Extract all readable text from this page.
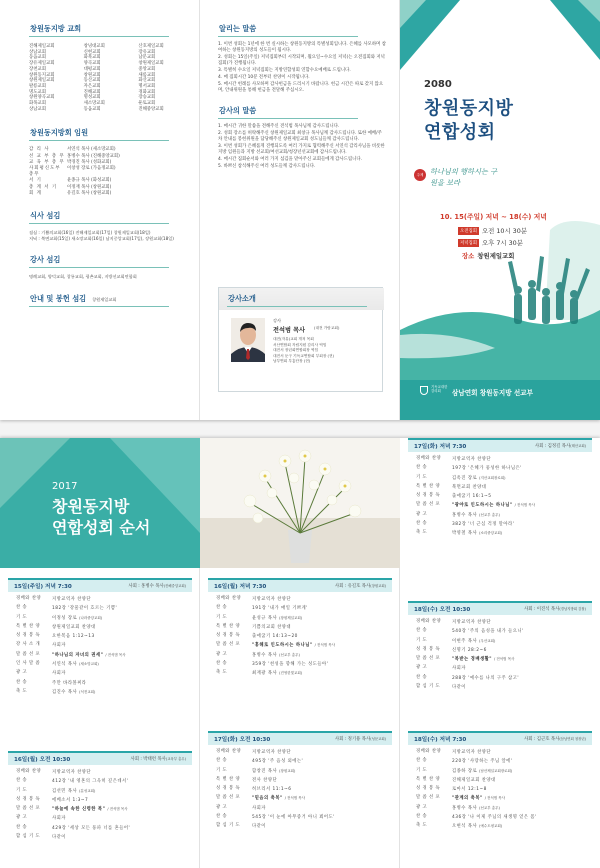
창원동지방 교회
진해제일교회	창녕대교회	산호제일교회
상남교회	신현교회	장유교회
동읍교회	화북교회	남문교회
장유제일교회	양곡교회	창원제일교회
장천교회	대평교회	중앙교회
창원동지교회	창원교회	새롬교회
창원제일교회	동산교회	화산교회
팔룡교회	자은교회	명서교회
명도교회	진해교회	경화교회
창원양곡교회	명성교회	장승교회
화목교회	새소망교회	둔토교회
상남교회	동읍교회	진해중앙교회
창원동지방회 임원
감 리 사	서연석 목사 (새소망교회)
선 교 부 총 무 홍병수 목사 (진해중앙교회)
교 육 부 총 무 박경진 목사 (성화교회)
사회평신도부 총무
이창성 장로 (가음정교회)
서 기	윤종규 목사 (화성교회)
총 계 서 기	이정재 목사 (창원교회)
회 계	유길호 목사 (창원교회)
식사 섬김
점심 : 기쁨의교회(16일) 진해제일교회(17일) 창원제일교회(18일)
저녁 : 북면교회(15일) 새소망교회(16일) 남지중앙교회(17일), 장원교회(18일)
강사 섬김
명례교회, 양덕교회, 창룡교회, 평촌교회, 지방선교회연합회
안내 및 봉헌 섬김 창원제일교회
알리는 말씀
1. 이번 성회는 1년에 한 번 실시하는 창원동지방의 특별성회입니다. 은혜를 사모하며 참여하는 창원동지방의 성도들이 됩시다.
2. 성회는 15일(주일) 저녁집회부터 시작되며, 월요일~수요일 저녁(는 오전집회와 저녁집회)가 진행됩니다.
3. 특별히 수요일 저녁집회는 지방연합성회 연합수요예배로 드립니다.
4. 매 집회시간 10분 전부터 찬양이 시작됩니다.
5. 매시간 헌례를 사모하며 감사헌금을 드리시기 바랍니다. 헌금 시간은 따로 갖지 않으며, 안내위원을 통해 헌금을 전달해 주십시오.
감사의 말씀
1. 매시간 귀한 말씀을 전해주신 전석범 목사님께 감사드립니다.
2. 성회 장소를 허락해주신 창원제일교회 최창규 목사님께 감사드립니다. 또한 예배/주차 안내를 봉헌위원을 담당해주신 창원제일교회 성도님들께 감사드립니다.
3. 이번 성회가 은혜롭게 진행되도록 여러 가지로 협력해주신 서연석 감리사님을 비롯한 지방 임원들과 지방 선교회/여선교회/청장년선교회에 감사드립니다.
4. 매시간 집회순서와 여러 가지 섬김을 맡아주신 교회들에게 감사드립니다.
5. 바쁘신 참석해주신 여러 성도들께 감사드립니다.
강사소개
강사
전석범 목사 (대전 가람교회)
대전(자유)교회 개척 목회
서산연합회 자립지원 감리사 역임
대전서 장년회연합회장 역임
대전서 둔구 기독교연합회 부회장 (현)
남부연회 부흥단장 (현)
2080
창원동지방
연합성회
주제 하나님의 행하시는 구원을 보라
10. 15(주일) 저녁 ~ 18(수) 저녁
오전집회 오전 10시 30분
저녁집회 오후 7시 30분
장소 창원제일교회
기독교대한
감리회	삼남연회 창원동지방 선교부
2017
창원동지방
연합성회 순서
15일(주일) 저녁 7:30	사회 : 홍병수 목사(진해중앙교회)
경배와 찬양	지방교역자 찬양단
찬 송	182장 '강물같이 흐르는 기쁨'
기 도	이정성 장로 (나라중앙교회)
특 별 찬 양	창원제일교회 찬양대
성 경 봉 독	요한복음 1:12~13
강 사 소 개	사회자
말 씀 선 포	"하나님의 자녀의 권세" / 전석범 목사
인 사 말 씀	서연석 목사 (새소망교회)
광 고	사회자
찬 송	주만 바라볼찌라
축 도	김진수 목사 (석전교회)
16일(월) 오전 10:30	사회 : 박태련 목사(교육부 총무)
경배와 찬양	지방교역자 찬양단
찬 송	412장 '내 영혼의 그윽히 깊은데서'
기 도	김선민 목사 (분성교회)
성 경 봉 독	에베소서 1:3~7
말 씀 선 포	"하늘에 속한 신령한 복" / 전석범 목사
광 고	사회자
찬 송	429장 '세상 모든 풍파 너를 흔들어'
합 심 기 도	다같이
16일(월) 저녁 7:30	사회 : 유길호 목사(창원교회)
경배와 찬양	지방교역자 찬양단
찬 송	191장 '내가 매일 기쁘게'
기 도	윤성규 목사 (창원제일교회)
특 별 찬 양	기쁨의교회 찬양대
성 경 봉 독	출애굽기 14:13~20
말 씀 선 포	"홍해로 인도하시는 하나님" / 전석범 목사
광 고	홍병수 목사 (선교부 총무)
찬 송	359장 '천성을 향해 가는 성도들아'
축 도	최재광 목사 (진영한빛교회)
17일(화) 오전 10:30	사회 : 정기용 목사(성문교회)
경배와 찬양	지방교역자 찬양단
찬 송	495장 '주 음성 외에는'
기 도	함창진 목사 (창원교회)
특 별 찬 양	전사 찬양단
성 경 봉 독	히브리서 11:1~6
말 씀 선 포	"믿음의 축복" / 전석범 목사
광 고	사회자
찬 송	545장 '이 눈에 아무증거 아니 뵈어도'
합 심 기 도	다같이
17일(화) 저녁 7:30	사회 : 김정길 목사(태산교회)
경배와 찬양	지방교역자 찬양단
찬 송	197장 '은혜가 풍성한 하나님은'
기 도	김옥진 장로 (지산교회장로회)
특 별 찬 양	북면교회 찬양대
성 경 봉 독	출애굽기 16:1~5
말 씀 선 포	"광야로 인도하시는 하나님" / 전석범 목사
광 고	홍병수 목사 (선교부 총무)
찬 송	382장 '너 근심 걱정 말아라'
축 도	박영철 목사 (소리중앙교회)
18일(수) 오전 10:30	사회 : 이진석 목사(경남지방회 감찰)
경배와 찬양	지방교역자 찬양단
찬 송	540장 '주의 음성을 내가 들으니'
기 도	이현주 목사 (우산교회)
성 경 봉 독	신명기 28:2~6
말 씀 선 포	"복받는 경배생활" / 전석범 목사
광 고	사회자
찬 송	288장 '예수를 나의 구주 삼고'
합 심 기 도	다같이
18일(수) 저녁 7:30	사회 : 김근호 목사(삼남연회 청장년)
경배와 찬양	지방교역자 찬양단
찬 송	220장 '사랑하는 주님 앞에'
기 도	김종하 장로 (남산제일교회장로회)
특 별 찬 양	진해제일교회 찬양대
성 경 봉 독	로마서 12:1~8
말 씀 선 포	"관계의 축복" / 전석범 목사
광 고	홍병수 목사 (선교부 총무)
찬 송	436장 '나 이제 주님의 새생명 얻은 몸'
축 도	오현석 목사 (예수도평교회)
